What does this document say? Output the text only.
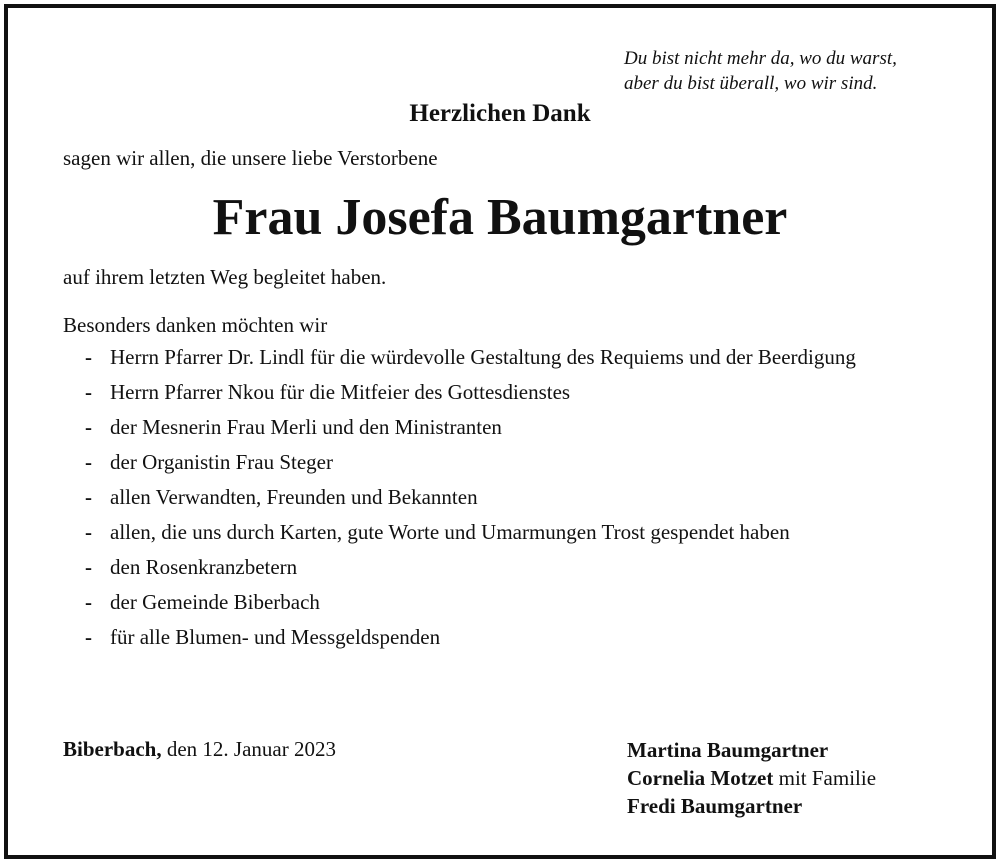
Du bist nicht mehr da, wo du warst,
aber du bist überall, wo wir sind.
Herzlichen Dank
sagen wir allen, die unsere liebe Verstorbene
Frau Josefa Baumgartner
auf ihrem letzten Weg begleitet haben.
Besonders danken möchten wir
- Herrn Pfarrer Dr. Lindl für die würdevolle Gestaltung des Requiems und der Beerdigung
- Herrn Pfarrer Nkou für die Mitfeier des Gottesdienstes
- der Mesnerin Frau Merli und den Ministranten
- der Organistin Frau Steger
- allen Verwandten, Freunden und Bekannten
- allen, die uns durch Karten, gute Worte und Umarmungen Trost gespendet haben
- den Rosenkranzbetern
- der Gemeinde Biberbach
- für alle Blumen- und Messgeldspenden
Biberbach, den 12. Januar 2023	Martina Baumgartner
Cornelia Motzet mit Familie
Fredi Baumgartner
